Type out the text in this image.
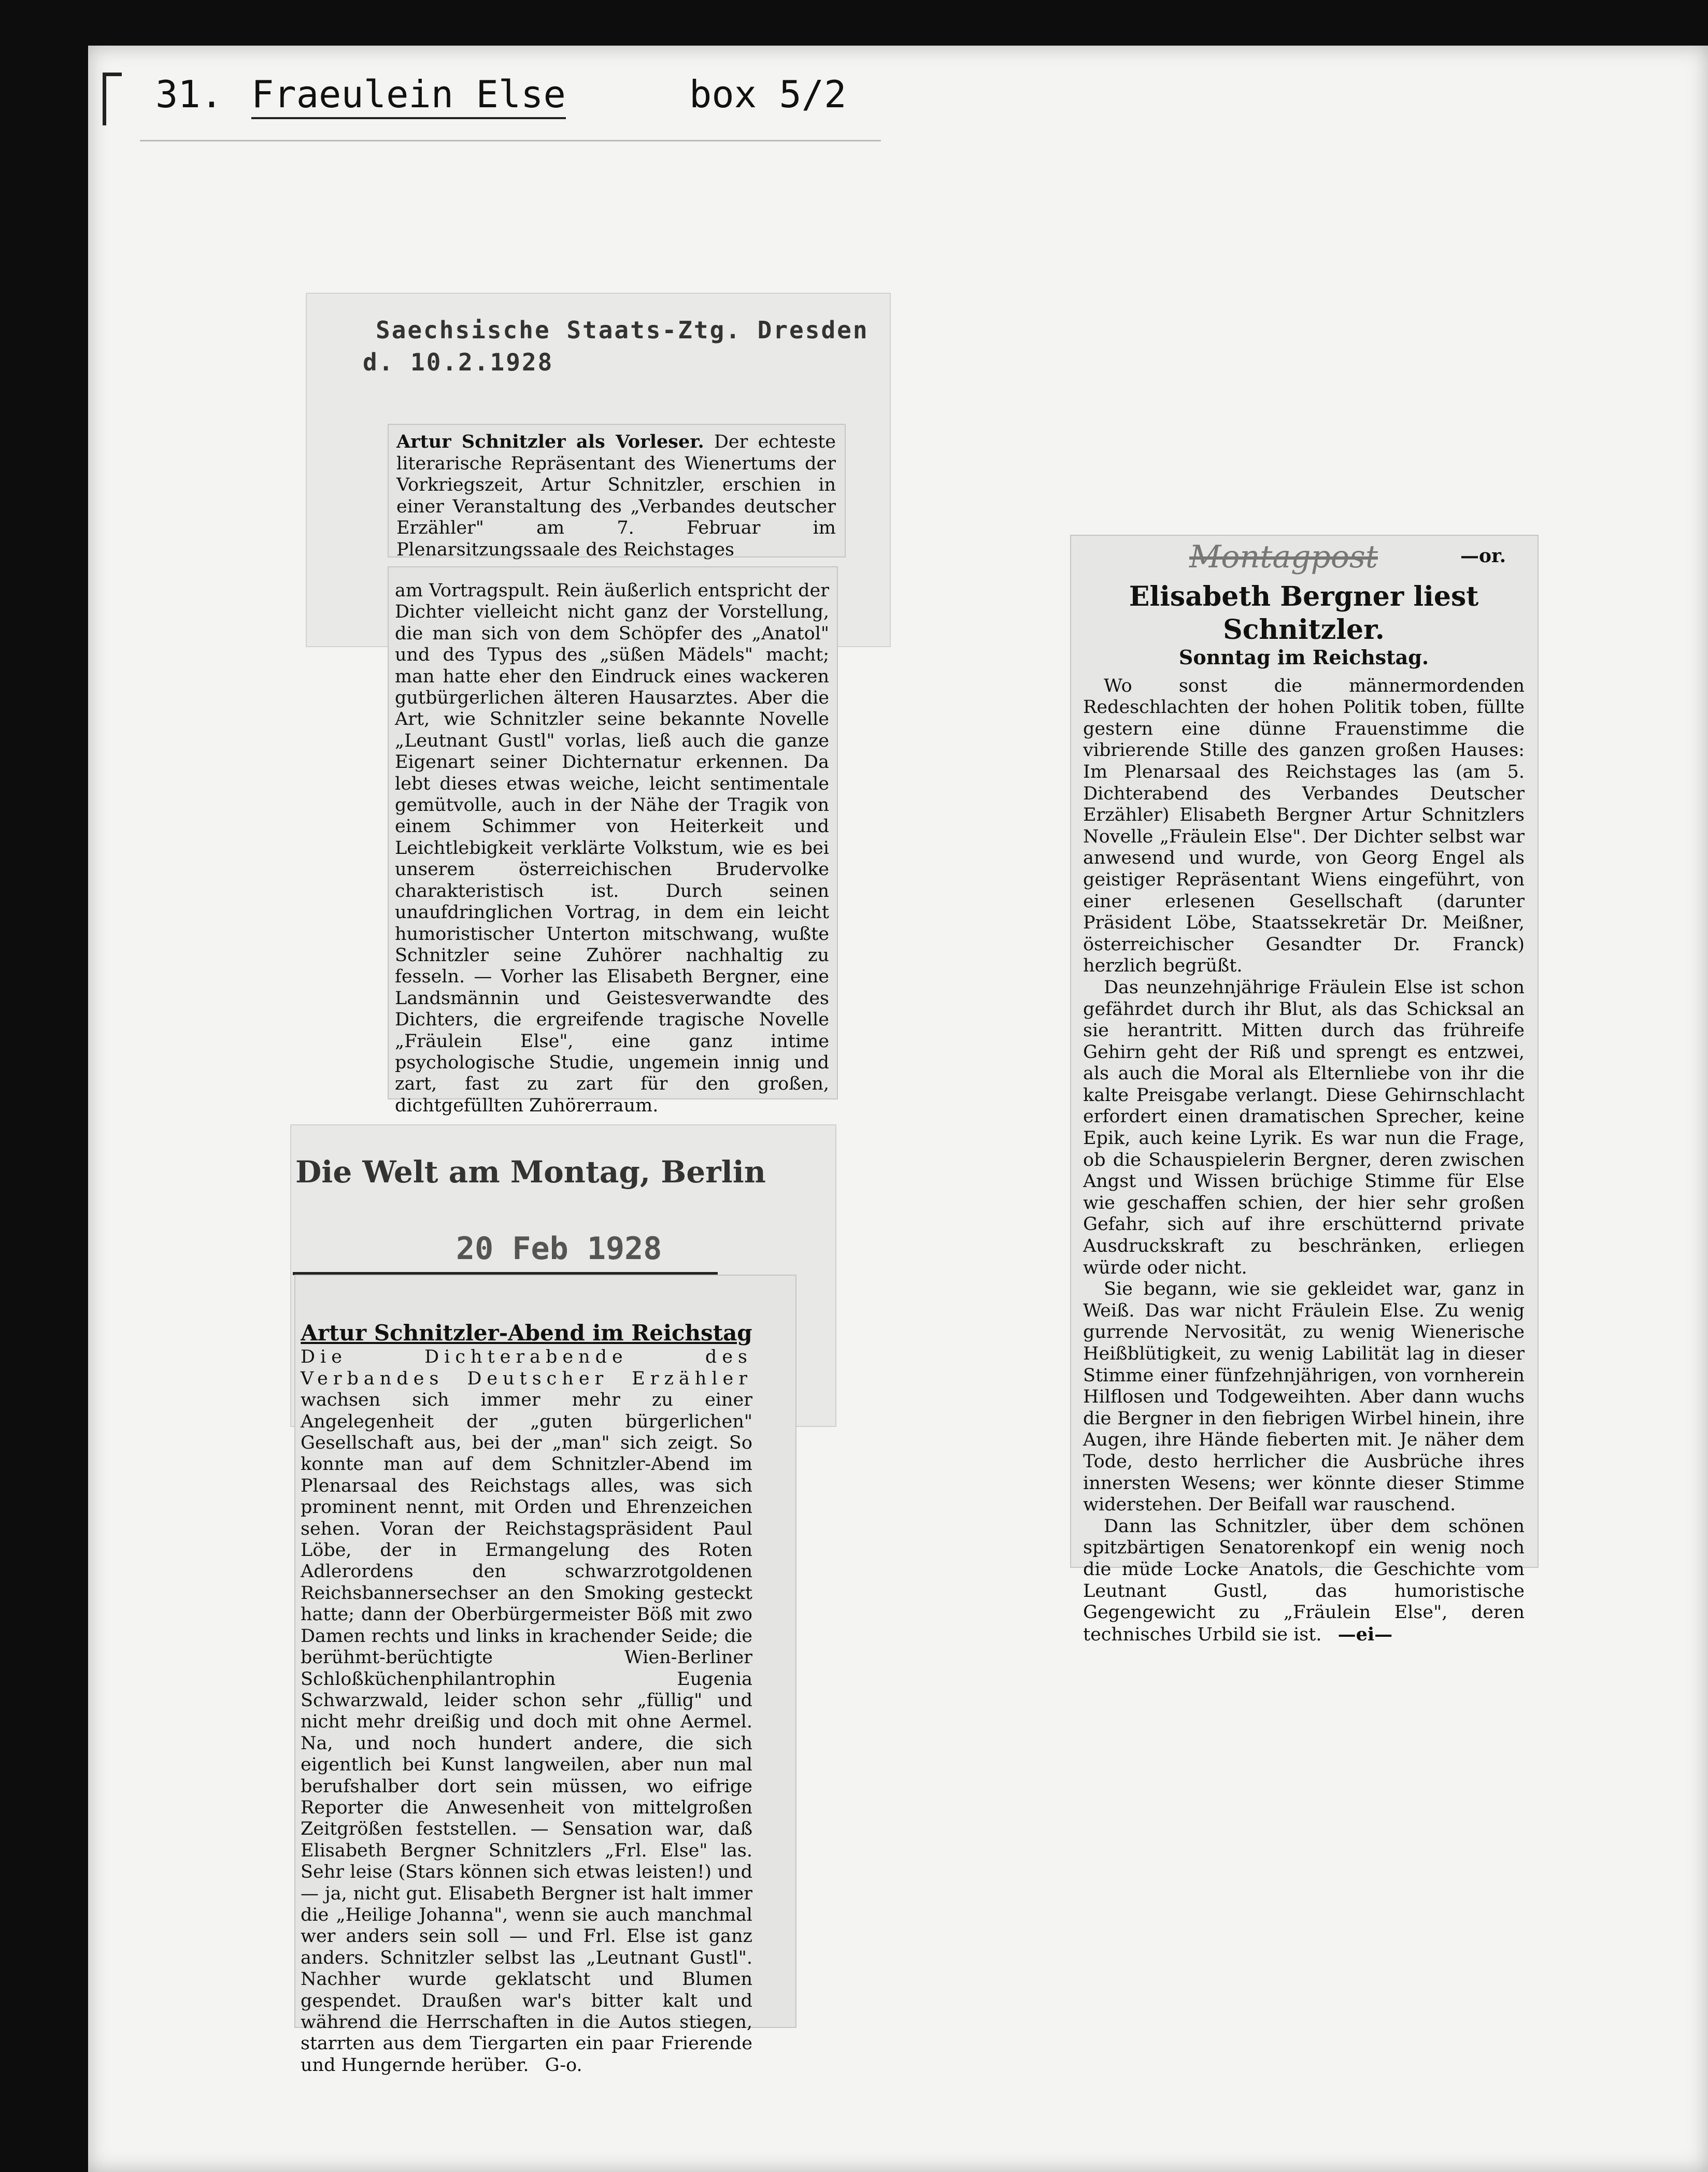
31. Fraeulein Else	box 5/2
Saechsische Staats-Ztg. Dresden
d. 10.2.1928

Artur Schnitzler als Vorleser. Der echteste literarische Repräsentant des Wienertums der Vorkriegszeit, Artur Schnitzler, erschien in einer Veranstaltung des „Verbandes deutscher Erzähler" am 7. Februar im Plenarsitzungssaale des Reichstages

am Vortragspult. Rein äußerlich entspricht der Dichter vielleicht nicht ganz der Vorstellung, die man sich von dem Schöpfer des „Anatol" und des Typus des „süßen Mädels" macht; man hatte eher den Eindruck eines wackeren gutbürgerlichen älteren Hausarztes. Aber die Art, wie Schnitzler seine bekannte Novelle „Leutnant Gustl" vorlas, ließ auch die ganze Eigenart seiner Dichternatur erkennen. Da lebt dieses etwas weiche, leicht sentimentale gemütvolle, auch in der Nähe der Tragik von einem Schimmer von Heiterkeit und Leichtlebigkeit verklärte Volkstum, wie es bei unserem österreichischen Brudervolke charakteristisch ist. Durch seinen unaufdringlichen Vortrag, in dem ein leicht humoristischer Unterton mitschwang, wußte Schnitzler seine Zuhörer nachhaltig zu fesseln. — Vorher las Elisabeth Bergner, eine Landsmännin und Geistesverwandte des Dichters, die ergreifende tragische Novelle „Fräulein Else", eine ganz intime psychologische Studie, ungemein innig und zart, fast zu zart für den großen, dichtgefüllten Zuhörerraum.

Die Welt am Montag, Berlin
20 Feb 1928

Artur Schnitzler-Abend im Reichstag

Die Dichterabende des Verbandes Deutscher Erzähler wachsen sich immer mehr zu einer Angelegenheit der „guten bürgerlichen" Gesellschaft aus, bei der „man" sich zeigt. So konnte man auf dem Schnitzler-Abend im Plenarsaal des Reichstags alles, was sich prominent nennt, mit Orden und Ehrenzeichen sehen. Voran der Reichstagspräsident Paul Löbe, der in Ermangelung des Roten Adlerordens den schwarzrotgoldenen Reichsbannersechser an den Smoking gesteckt hatte; dann der Oberbürgermeister Böß mit zwo Damen rechts und links in krachender Seide; die berühmt-berüchtigte Wien-Berliner Schloßküchenphilantrophin Eugenia Schwarzwald, leider schon sehr „füllig" und nicht mehr dreißig und doch mit ohne Aermel. Na, und noch hundert andere, die sich eigentlich bei Kunst langweilen, aber nun mal berufshalber dort sein müssen, wo eifrige Reporter die Anwesenheit von mittelgroßen Zeitgrößen feststellen. — Sensation war, daß Elisabeth Bergner Schnitzlers „Frl. Else" las. Sehr leise (Stars können sich etwas leisten!) und — ja, nicht gut. Elisabeth Bergner ist halt immer die „Heilige Johanna", wenn sie auch manchmal wer anders sein soll — und Frl. Else ist ganz anders. Schnitzler selbst las „Leutnant Gustl". Nachher wurde geklatscht und Blumen gespendet. Draußen war's bitter kalt und während die Herrschaften in die Autos stiegen, starrten aus dem Tiergarten ein paar Frierende und Hungernde herüber. G-o.

Montagpost	—or.

Elisabeth Bergner liest Schnitzler.

Sonntag im Reichstag.

Wo sonst die männermordenden Redeschlachten der hohen Politik toben, füllte gestern eine dünne Frauenstimme die vibrierende Stille des ganzen großen Hauses: Im Plenarsaal des Reichstages las (am 5. Dichterabend des Verbandes Deutscher Erzähler) Elisabeth Bergner Artur Schnitzlers Novelle „Fräulein Else". Der Dichter selbst war anwesend und wurde, von Georg Engel als geistiger Repräsentant Wiens eingeführt, von einer erlesenen Gesellschaft (darunter Präsident Löbe, Staatssekretär Dr. Meißner, österreichischer Gesandter Dr. Franck) herzlich begrüßt.

Das neunzehnjährige Fräulein Else ist schon gefährdet durch ihr Blut, als das Schicksal an sie herantritt. Mitten durch das frühreife Gehirn geht der Riß und sprengt es entzwei, als auch die Moral als Elternliebe von ihr die kalte Preisgabe verlangt. Diese Gehirnschlacht erfordert einen dramatischen Sprecher, keine Epik, auch keine Lyrik. Es war nun die Frage, ob die Schauspielerin Bergner, deren zwischen Angst und Wissen brüchige Stimme für Else wie geschaffen schien, der hier sehr großen Gefahr, sich auf ihre erschütternd private Ausdruckskraft zu beschränken, erliegen würde oder nicht.

Sie begann, wie sie gekleidet war, ganz in Weiß. Das war nicht Fräulein Else. Zu wenig gurrende Nervosität, zu wenig Wienerische Heißblütigkeit, zu wenig Labilität lag in dieser Stimme einer fünfzehnjährigen, von vornherein Hilflosen und Todgeweihten. Aber dann wuchs die Bergner in den fiebrigen Wirbel hinein, ihre Augen, ihre Hände fieberten mit. Je näher dem Tode, desto herrlicher die Ausbrüche ihres innersten Wesens; wer könnte dieser Stimme widerstehen. Der Beifall war rauschend.

Dann las Schnitzler, über dem schönen spitzbärtigen Senatorenkopf ein wenig noch die müde Locke Anatols, die Geschichte vom Leutnant Gustl, das humoristische Gegengewicht zu „Fräulein Else", deren technisches Urbild sie ist. —ei—
